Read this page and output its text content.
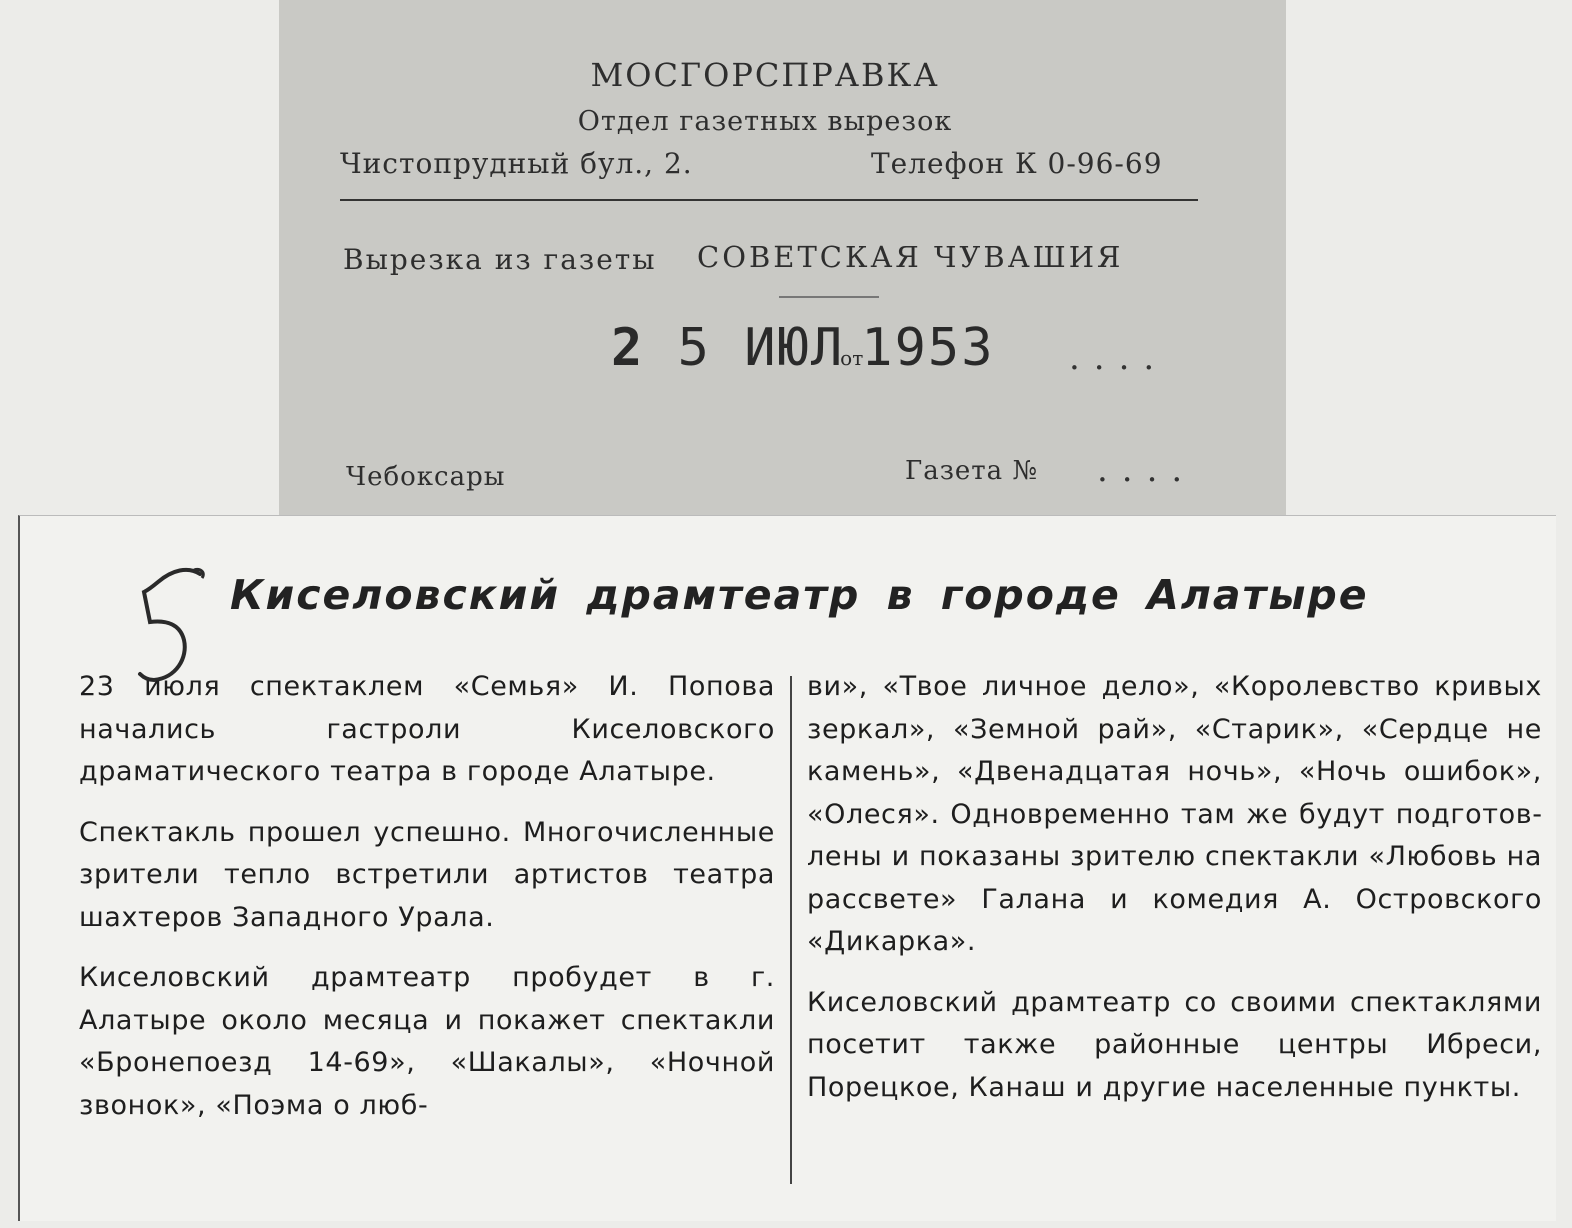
МОСГОРСПРАВКА
Отдел газетных вырезок
Чистопрудный бул., 2.	Телефон К 0-96-69
Вырезка из газеты СОВЕТСКАЯ ЧУВАШИЯ
2 5 ИЮЛот1953 ....
Чебоксары	Газета № ....
Киселовский драмтеатр в городе Алатыре

23 июля спектаклем «Семья» И. Попова начались гастроли Киселовского драматического театра в городе Алатыре.

Спектакль прошел успешно. Многочисленные зрители тепло встретили артистов театра шахтеров Западного Урала.

Киселовский драмтеатр пробудет в г. Алатыре около месяца и покажет спектакли «Бронепоезд 14-69», «Шакалы», «Ночной звонок», «Поэма о люб-

ви», «Твое личное дело», «Королевство кривых зеркал», «Земной рай», «Старик», «Сердце не камень», «Двенадцатая ночь», «Ночь ошибок», «Олеся». Одновременно там же будут подготовлены и показаны зрителю спектакли «Любовь на рассвете» Галана и комедия А. Островского «Дикарка».

Киселовский драмтеатр со своими спектаклями посетит также районные центры Ибреси, Порецкое, Канаш и другие населенные пункты.
